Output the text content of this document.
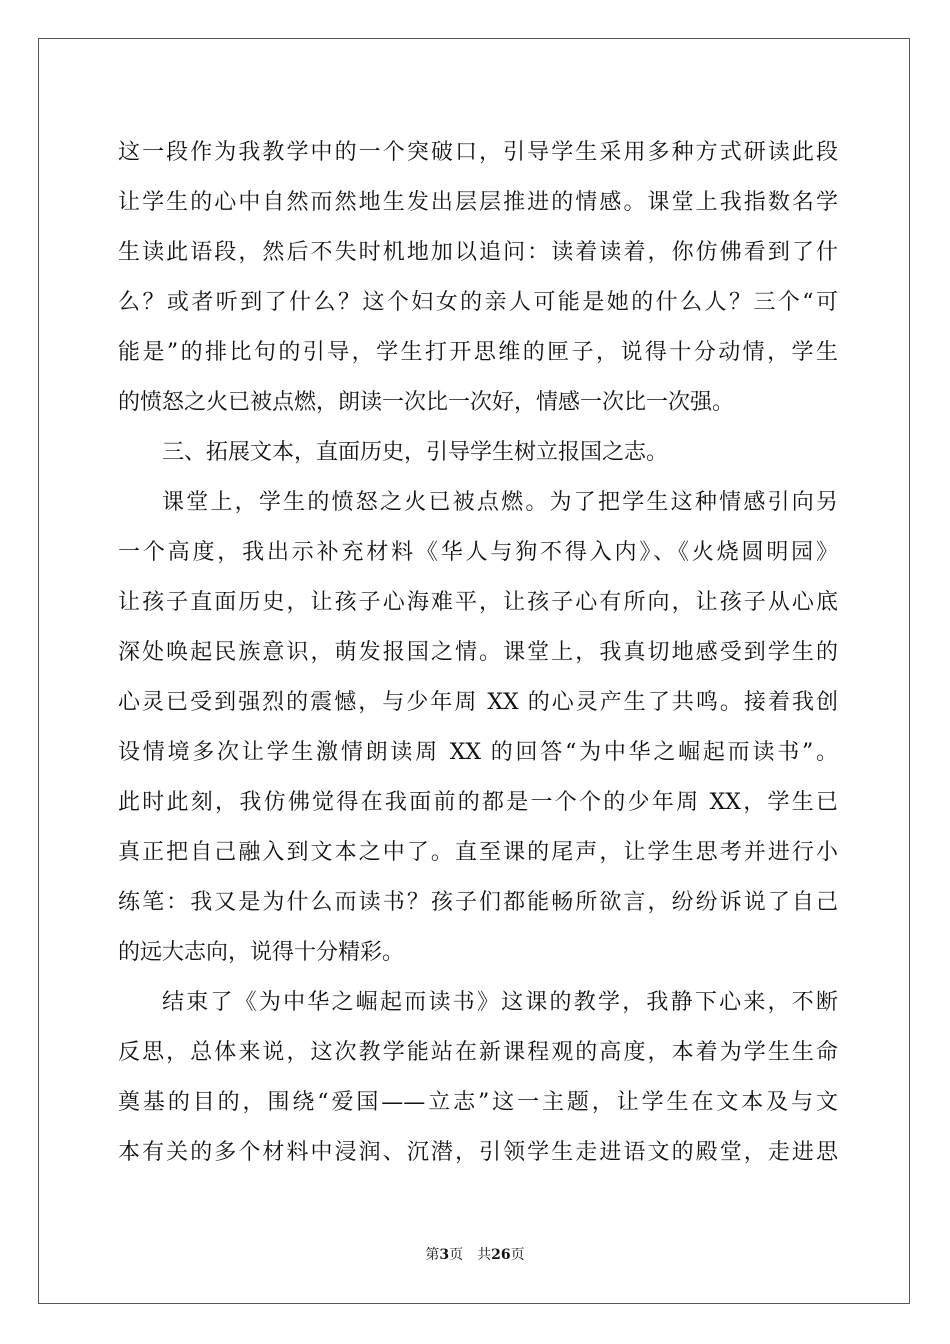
这一段作为我教学中的一个突破口，引导学生采用多种方式研读此段
让学生的心中自然而然地生发出层层推进的情感。课堂上我指数名学
生读此语段，然后不失时机地加以追问：读着读着，你仿佛看到了什
么？或者听到了什么？这个妇女的亲人可能是她的什么人？三个“可
能是”的排比句的引导，学生打开思维的匣子，说得十分动情，学生
的愤怒之火已被点燃，朗读一次比一次好，情感一次比一次强。
三、拓展文本，直面历史，引导学生树立报国之志。
课堂上，学生的愤怒之火已被点燃。为了把学生这种情感引向另
一个高度，我出示补充材料《华人与狗不得入内》、《火烧圆明园》
让孩子直面历史，让孩子心海难平，让孩子心有所向，让孩子从心底
深处唤起民族意识，萌发报国之情。课堂上，我真切地感受到学生的
心灵已受到强烈的震憾，与少年周 XX 的心灵产生了共鸣。接着我创
设情境多次让学生激情朗读周 XX 的回答“为中华之崛起而读书”。
此时此刻，我仿佛觉得在我面前的都是一个个的少年周 XX，学生已
真正把自己融入到文本之中了。直至课的尾声，让学生思考并进行小
练笔：我又是为什么而读书？孩子们都能畅所欲言，纷纷诉说了自己
的远大志向，说得十分精彩。
结束了《为中华之崛起而读书》这课的教学，我静下心来，不断
反思，总体来说，这次教学能站在新课程观的高度，本着为学生生命
奠基的目的，围绕“爱国——立志”这一主题，让学生在文本及与文
本有关的多个材料中浸润、沉潜，引领学生走进语文的殿堂，走进思
第3页 共26页
